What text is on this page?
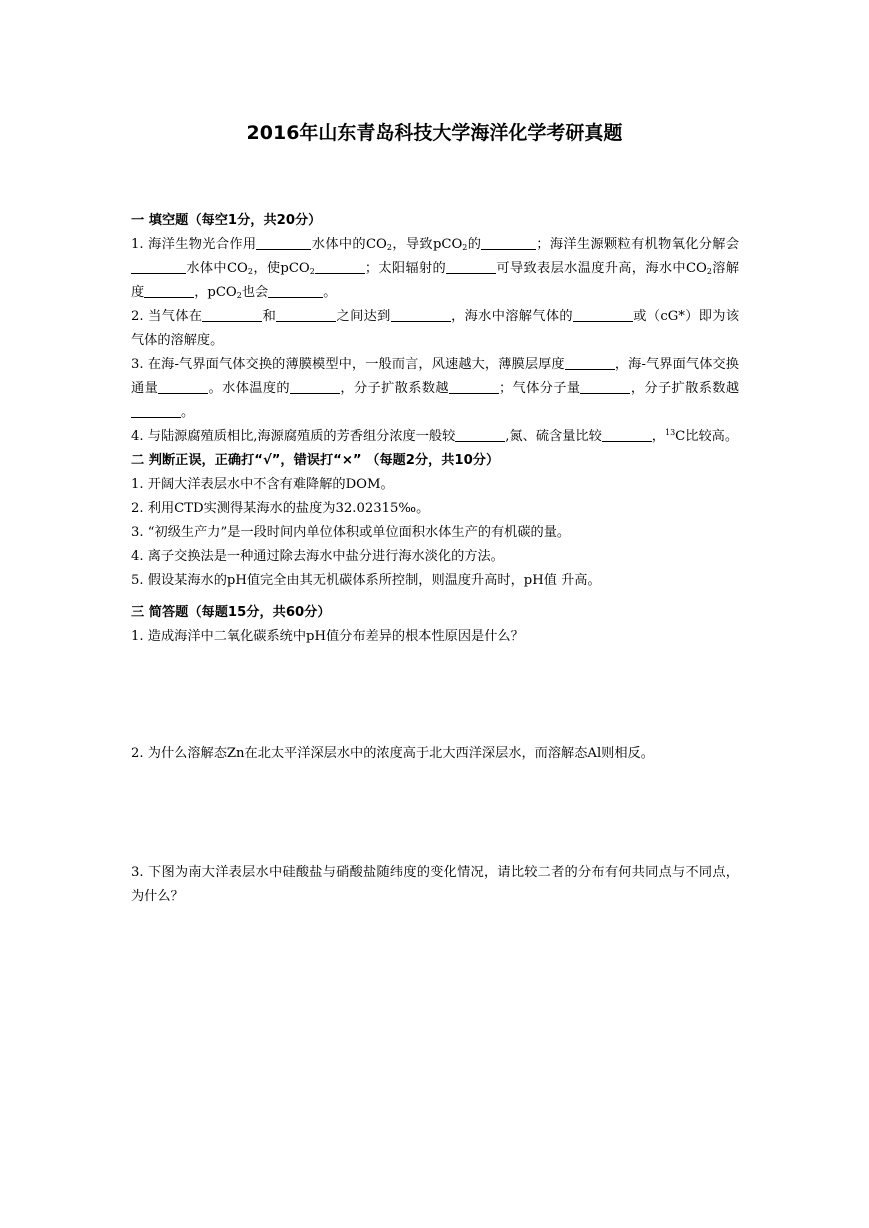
2016年山东青岛科技大学海洋化学考研真题
一 填空题（每空1分，共20分）

1. 海洋生物光合作用	水体中的$CO_2$，导致pCO$_2$的	；海洋生源颗粒有机物氧化分解会水体中$CO_2$，使pCO$_2$	；太阳辐射的	可导致表层水温度升高，海水中$CO_2$溶解度	，pCO$_2$也会	。

2. 当气体在	和	之间达到	，海水中溶解气体的	或（cG*）即为该气体的溶解度。

3. 在海-气界面气体交换的薄膜模型中，一般而言，风速越大，薄膜层厚度	，海-气界面气体交换通量	。水体温度的	，分子扩散系数越	；气体分子量	，分子扩散系数越。

4. 与陆源腐殖质相比,海源腐殖质的芳香组分浓度一般较	,氮、硫含量比较	，$^{13}$C比较高。

二 判断正误，正确打“√”，错误打“×” （每题2分，共10分）

1. 开阔大洋表层水中不含有难降解的DOM。

2. 利用CTD实测得某海水的盐度为32.02315‰。

3. “初级生产力”是一段时间内单位体积或单位面积水体生产的有机碳的量。

4. 离子交换法是一种通过除去海水中盐分进行海水淡化的方法。

5. 假设某海水的pH值完全由其无机碳体系所控制，则温度升高时，pH值 升高。

三 简答题（每题15分，共60分）

1. 造成海洋中二氧化碳系统中pH值分布差异的根本性原因是什么？

2. 为什么溶解态Zn在北太平洋深层水中的浓度高于北大西洋深层水，而溶解态Al则相反。

3. 下图为南大洋表层水中硅酸盐与硝酸盐随纬度的变化情况，请比较二者的分布有何共同点与不同点，为什么？
